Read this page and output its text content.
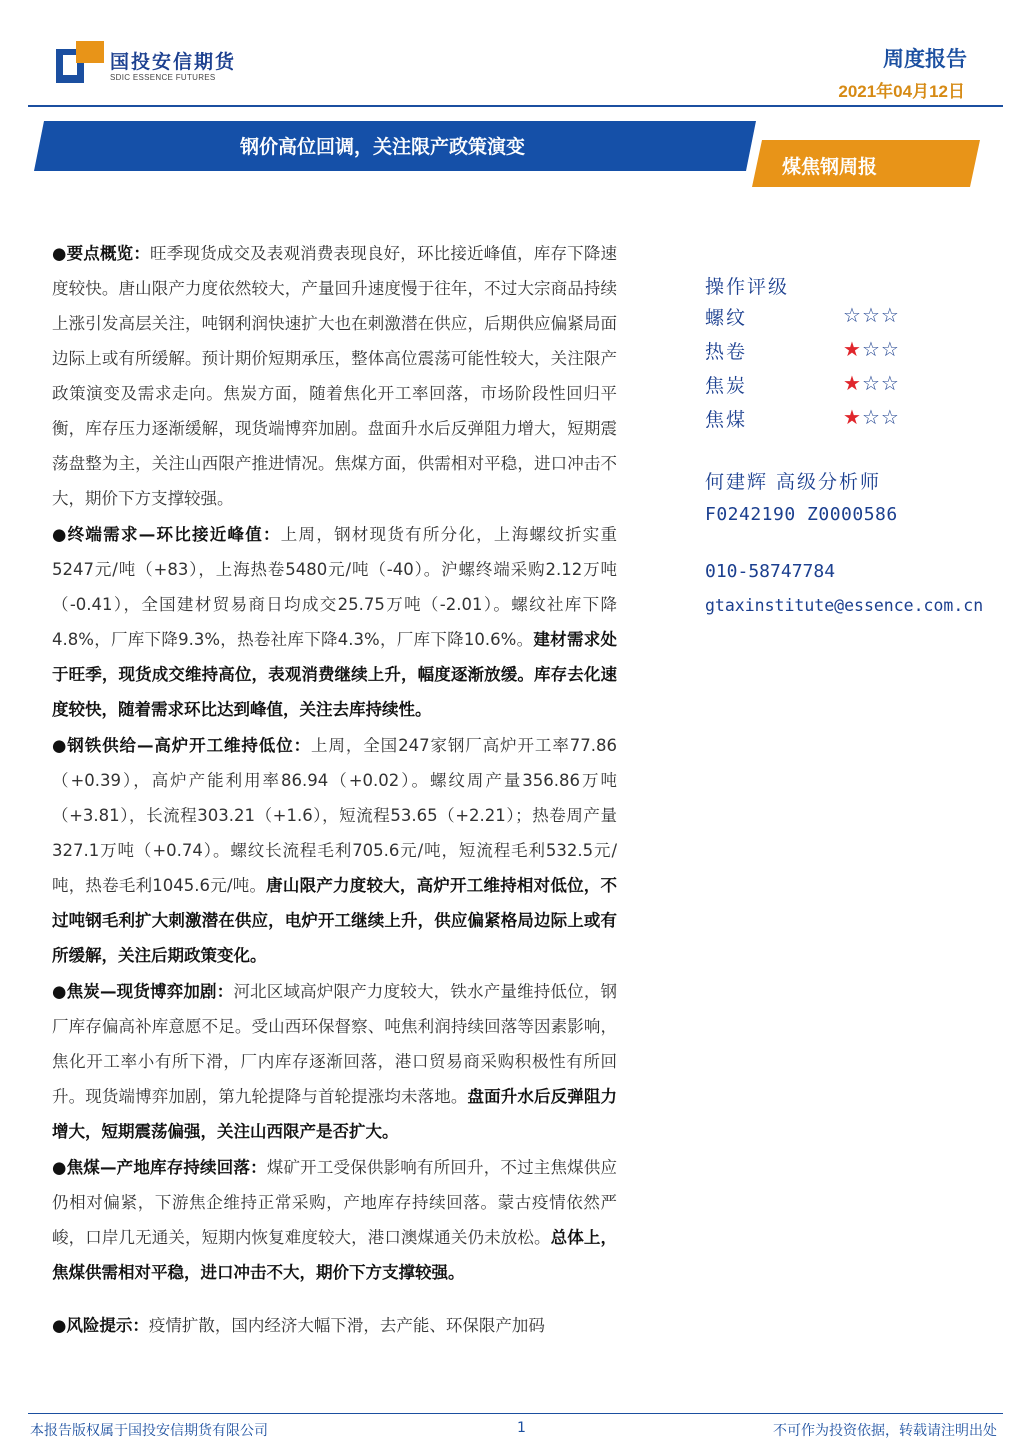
国投安信期货
SDIC ESSENCE FUTURES
周度报告
2021年04月12日
钢价高位回调，关注限产政策演变
煤焦钢周报

●要点概览：旺季现货成交及表观消费表现良好，环比接近峰值，库存下降速度较快。唐山限产力度依然较大，产量回升速度慢于往年，不过大宗商品持续上涨引发高层关注，吨钢利润快速扩大也在刺激潜在供应，后期供应偏紧局面边际上或有所缓解。预计期价短期承压，整体高位震荡可能性较大，关注限产政策演变及需求走向。焦炭方面，随着焦化开工率回落，市场阶段性回归平衡，库存压力逐渐缓解，现货端博弈加剧。盘面升水后反弹阻力增大，短期震荡盘整为主，关注山西限产推进情况。焦煤方面，供需相对平稳，进口冲击不大，期价下方支撑较强。

●终端需求—环比接近峰值：上周，钢材现货有所分化，上海螺纹折实重5247元/吨（+83），上海热卷5480元/吨（-40）。沪螺终端采购2.12万吨（-0.41），全国建材贸易商日均成交25.75万吨（-2.01）。螺纹社库下降4.8%，厂库下降9.3%，热卷社库下降4.3%，厂库下降10.6%。建材需求处于旺季，现货成交维持高位，表观消费继续上升，幅度逐渐放缓。库存去化速度较快，随着需求环比达到峰值，关注去库持续性。

●钢铁供给—高炉开工维持低位：上周，全国247家钢厂高炉开工率77.86（+0.39），高炉产能利用率86.94（+0.02）。螺纹周产量356.86万吨（+3.81），长流程303.21（+1.6），短流程53.65（+2.21）；热卷周产量327.1万吨（+0.74）。螺纹长流程毛利705.6元/吨，短流程毛利532.5元/吨，热卷毛利1045.6元/吨。唐山限产力度较大，高炉开工维持相对低位，不过吨钢毛利扩大刺激潜在供应，电炉开工继续上升，供应偏紧格局边际上或有所缓解，关注后期政策变化。

●焦炭—现货博弈加剧：河北区域高炉限产力度较大，铁水产量维持低位，钢厂库存偏高补库意愿不足。受山西环保督察、吨焦利润持续回落等因素影响，焦化开工率小有所下滑，厂内库存逐渐回落，港口贸易商采购积极性有所回升。现货端博弈加剧，第九轮提降与首轮提涨均未落地。盘面升水后反弹阻力增大，短期震荡偏强，关注山西限产是否扩大。

●焦煤—产地库存持续回落：煤矿开工受保供影响有所回升，不过主焦煤供应仍相对偏紧，下游焦企维持正常采购，产地库存持续回落。蒙古疫情依然严峻，口岸几无通关，短期内恢复难度较大，港口澳煤通关仍未放松。总体上，焦煤供需相对平稳，进口冲击不大，期价下方支撑较强。

●风险提示：疫情扩散，国内经济大幅下滑，去产能、环保限产加码

操作评级
螺纹	☆☆☆
热卷	★☆☆
焦炭	★☆☆
焦煤	★☆☆
何建辉 高级分析师
F0242190 Z0000586
010-58747784
gtaxinstitute@essence.com.cn
本报告版权属于国投安信期货有限公司	1	不可作为投资依据，转载请注明出处
